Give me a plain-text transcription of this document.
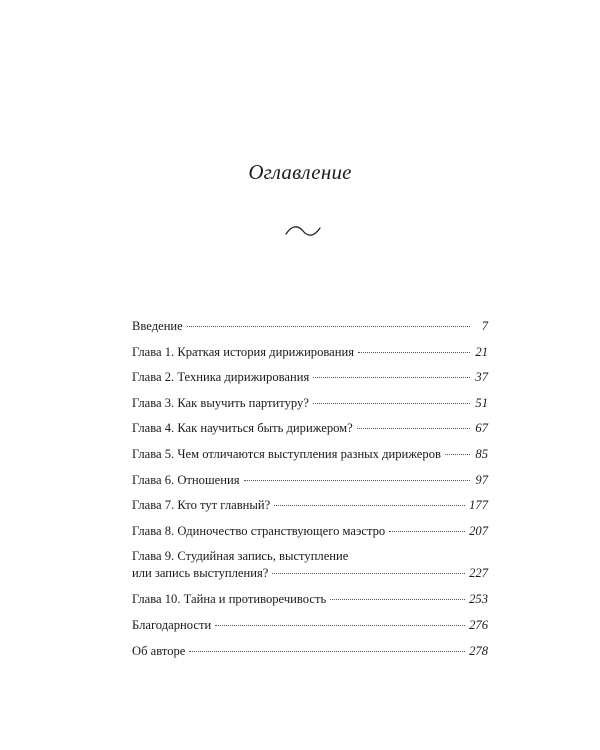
Оглавление
Введение	7
Глава 1. Краткая история дирижирования	21
Глава 2. Техника дирижирования	37
Глава 3. Как выучить партитуру?	51
Глава 4. Как научиться быть дирижером?	67
Глава 5. Чем отличаются выступления разных дирижеров	85
Глава 6. Отношения	97
Глава 7. Кто тут главный?	177
Глава 8. Одиночество странствующего маэстро	207
Глава 9. Студийная запись, выступление
или запись выступления?	227
Глава 10. Тайна и противоречивость	253
Благодарности	276
Об авторе	278
